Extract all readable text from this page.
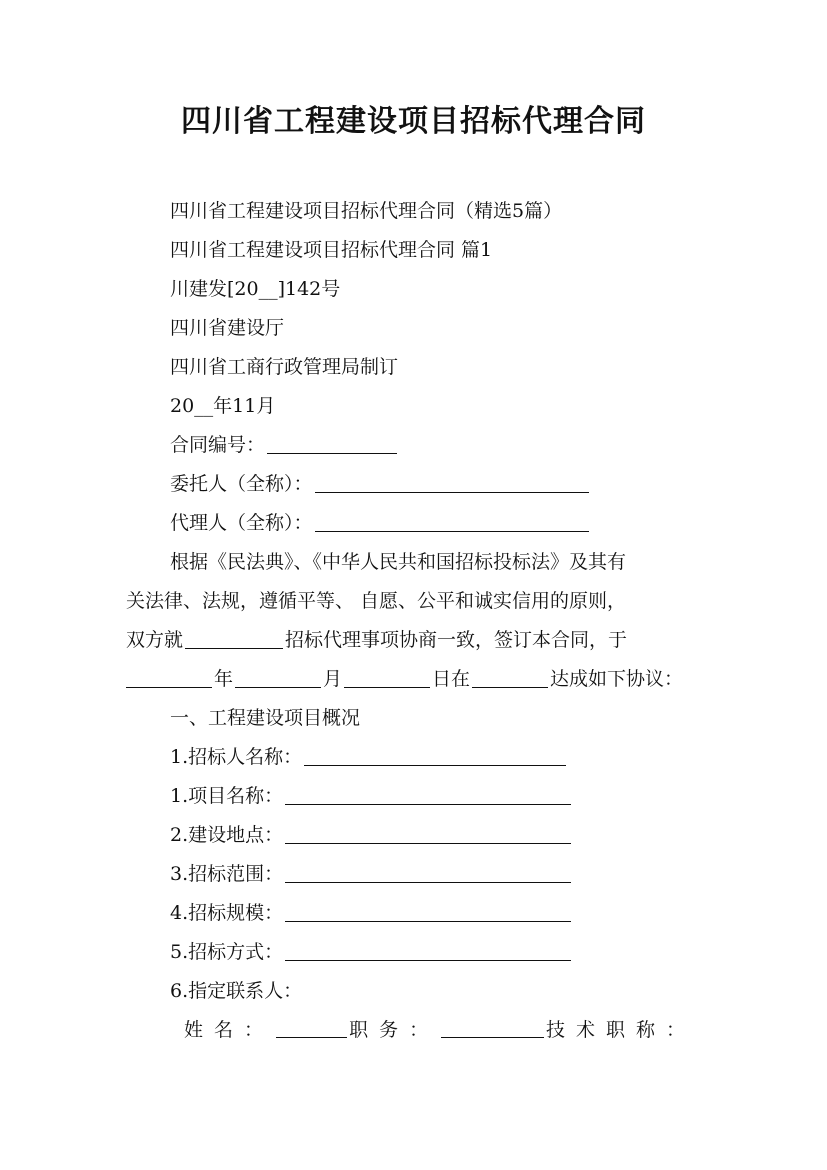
四川省工程建设项目招标代理合同
四川省工程建设项目招标代理合同（精选5篇）
四川省工程建设项目招标代理合同 篇1
川建发[20__]142号
四川省建设厅
四川省工商行政管理局制订
20__年11月
合同编号：
委托人（全称）：
代理人（全称）：
根据《民法典》、《中华人民共和国招标投标法》及其有
关法律、法规，遵循平等、 自愿、公平和诚实信用的原则，
双方就	招标代理事项协商一致，签订本合同，于
年	月	日在	达成如下协议：
一、工程建设项目概况
1.招标人名称：
1.项目名称：
2.建设地点：
3.招标范围：
4.招标规模：
5.招标方式：
6.指定联系人：
姓名：	职务：	技术职称：
